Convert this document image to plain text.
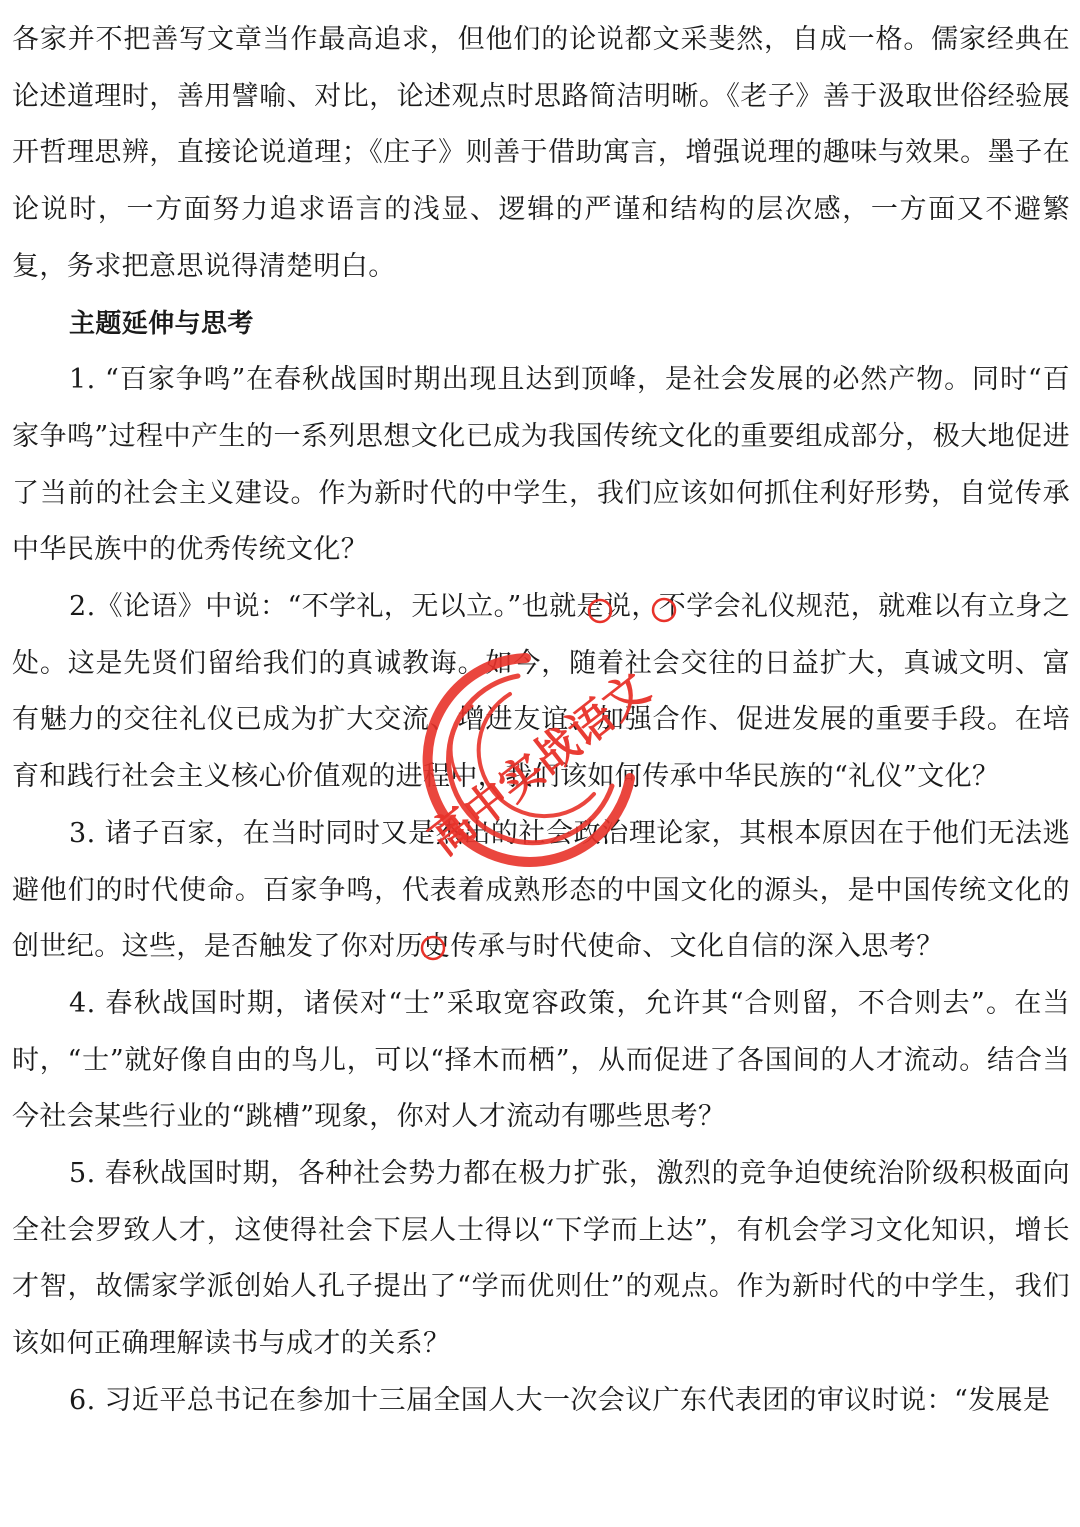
各家并不把善写文章当作最高追求，但他们的论说都文采斐然，自成一格。儒家经典在论述道理时，善用譬喻、对比，论述观点时思路简洁明晰。《老子》善于汲取世俗经验展开哲理思辨，直接论说道理；《庄子》则善于借助寓言，增强说理的趣味与效果。墨子在论说时，一方面努力追求语言的浅显、逻辑的严谨和结构的层次感，一方面又不避繁复，务求把意思说得清楚明白。

主题延伸与思考

1. “百家争鸣”在春秋战国时期出现且达到顶峰，是社会发展的必然产物。同时“百家争鸣”过程中产生的一系列思想文化已成为我国传统文化的重要组成部分，极大地促进了当前的社会主义建设。作为新时代的中学生，我们应该如何抓住利好形势，自觉传承中华民族中的优秀传统文化？

2.《论语》中说：“不学礼，无以立。”也就是说，不学会礼仪规范，就难以有立身之处。这是先贤们留给我们的真诚教诲。如今，随着社会交往的日益扩大，真诚文明、富有魅力的交往礼仪已成为扩大交流、增进友谊、加强合作、促进发展的重要手段。在培育和践行社会主义核心价值观的进程中，我们该如何传承中华民族的“礼仪”文化？

3. 诸子百家，在当时同时又是杰出的社会政治理论家，其根本原因在于他们无法逃避他们的时代使命。百家争鸣，代表着成熟形态的中国文化的源头，是中国传统文化的创世纪。这些，是否触发了你对历史传承与时代使命、文化自信的深入思考？

4. 春秋战国时期，诸侯对“士”采取宽容政策，允许其“合则留，不合则去”。在当时，“士”就好像自由的鸟儿，可以“择木而栖”，从而促进了各国间的人才流动。结合当今社会某些行业的“跳槽”现象，你对人才流动有哪些思考？

5. 春秋战国时期，各种社会势力都在极力扩张，激烈的竞争迫使统治阶级积极面向全社会罗致人才，这使得社会下层人士得以“下学而上达”，有机会学习文化知识，增长才智，故儒家学派创始人孔子提出了“学而优则仕”的观点。作为新时代的中学生，我们该如何正确理解读书与成才的关系？

6. 习近平总书记在参加十三届全国人大一次会议广东代表团的审议时说：“发展是

高中实战语文
